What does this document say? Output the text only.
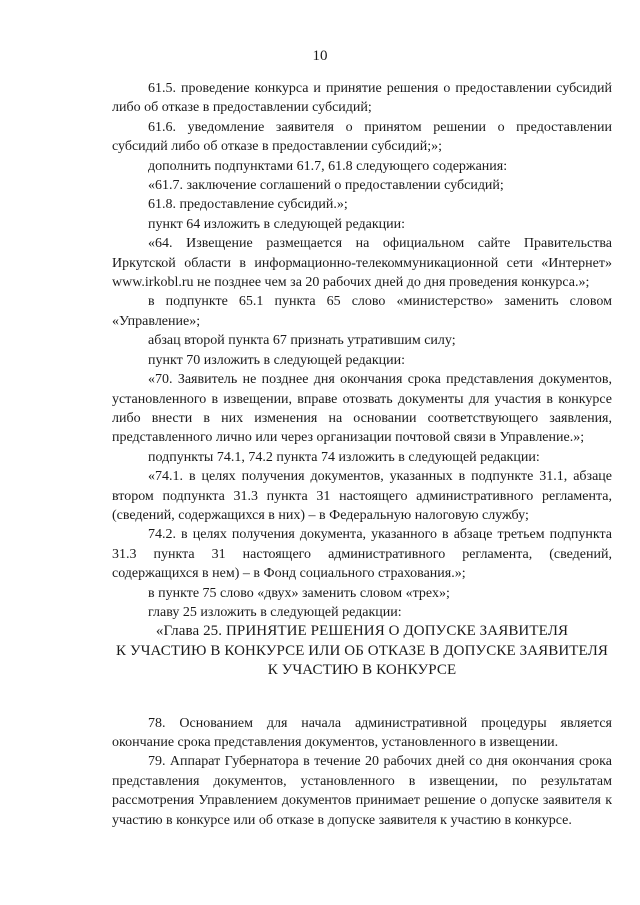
10

61.5. проведение конкурса и принятие решения о предоставлении субсидий либо об отказе в предоставлении субсидий;

61.6. уведомление заявителя о принятом решении о предоставлении субсидий либо об отказе в предоставлении субсидий;»;

дополнить подпунктами 61.7, 61.8 следующего содержания:

«61.7. заключение соглашений о предоставлении субсидий;

61.8. предоставление субсидий.»;

пункт 64 изложить в следующей редакции:

«64. Извещение размещается на официальном сайте Правительства Иркутской области в информационно-телекоммуникационной сети «Интернет» www.irkobl.ru не позднее чем за 20 рабочих дней до дня проведения конкурса.»;

в подпункте 65.1 пункта 65 слово «министерство» заменить словом «Управление»;

абзац второй пункта 67 признать утратившим силу;

пункт 70 изложить в следующей редакции:

«70. Заявитель не позднее дня окончания срока представления документов, установленного в извещении, вправе отозвать документы для участия в конкурсе либо внести в них изменения на основании соответствующего заявления, представленного лично или через организации почтовой связи в Управление.»;

подпункты 74.1, 74.2 пункта 74 изложить в следующей редакции:

«74.1. в целях получения документов, указанных в подпункте 31.1, абзаце втором подпункта 31.3 пункта 31 настоящего административного регламента, (сведений, содержащихся в них) – в Федеральную налоговую службу;

74.2. в целях получения документа, указанного в абзаце третьем подпункта 31.3 пункта 31 настоящего административного регламента, (сведений, содержащихся в нем) – в Фонд социального страхования.»;

в пункте 75 слово «двух» заменить словом «трех»;

главу 25 изложить в следующей редакции:

«Глава 25. ПРИНЯТИЕ РЕШЕНИЯ О ДОПУСКЕ ЗАЯВИТЕЛЯ
К УЧАСТИЮ В КОНКУРСЕ ИЛИ ОБ ОТКАЗЕ В ДОПУСКЕ ЗАЯВИТЕЛЯ
К УЧАСТИЮ В КОНКУРСЕ

78. Основанием для начала административной процедуры является окончание срока представления документов, установленного в извещении.

79. Аппарат Губернатора в течение 20 рабочих дней со дня окончания срока представления документов, установленного в извещении, по результатам рассмотрения Управлением документов принимает решение о допуске заявителя к участию в конкурсе или об отказе в допуске заявителя к участию в конкурсе.
